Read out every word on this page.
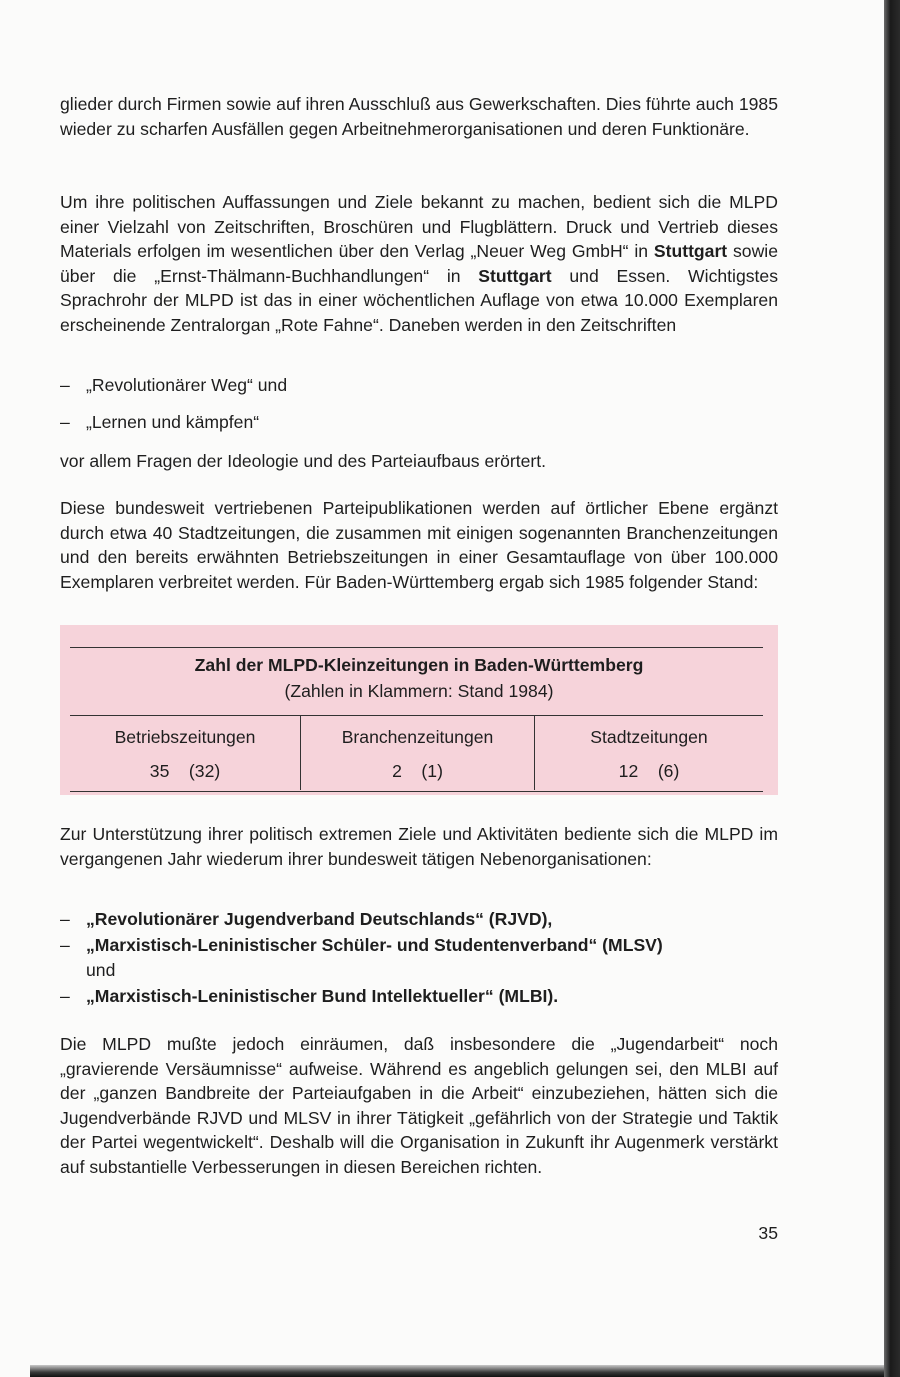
glieder durch Firmen sowie auf ihren Ausschluß aus Gewerkschaften. Dies führte auch 1985 wieder zu scharfen Ausfällen gegen Arbeitnehmerorganisationen und deren Funktionäre.

Um ihre politischen Auffassungen und Ziele bekannt zu machen, bedient sich die MLPD einer Vielzahl von Zeitschriften, Broschüren und Flugblättern. Druck und Vertrieb dieses Materials erfolgen im wesentlichen über den Verlag „Neuer Weg GmbH“ in Stuttgart sowie über die „Ernst-Thälmann-Buchhandlungen“ in Stuttgart und Essen. Wichtigstes Sprachrohr der MLPD ist das in einer wöchentlichen Auflage von etwa 10.000 Exemplaren erscheinende Zentralorgan „Rote Fahne“. Daneben werden in den Zeitschriften

– „Revolutionärer Weg“ und
– „Lernen und kämpfen“
vor allem Fragen der Ideologie und des Parteiaufbaus erörtert.

Diese bundesweit vertriebenen Parteipublikationen werden auf örtlicher Ebene ergänzt durch etwa 40 Stadtzeitungen, die zusammen mit einigen sogenannten Branchenzeitungen und den bereits erwähnten Betriebszeitungen in einer Gesamtauflage von über 100.000 Exemplaren verbreitet werden. Für Baden-Württemberg ergab sich 1985 folgender Stand:

Zahl der MLPD-Kleinzeitungen in Baden-Württemberg
(Zahlen in Klammern: Stand 1984)
Betriebszeitungen	Branchenzeitungen	Stadtzeitungen
35 (32)	2 (1)	12 (6)

Zur Unterstützung ihrer politisch extremen Ziele und Aktivitäten bediente sich die MLPD im vergangenen Jahr wiederum ihrer bundesweit tätigen Nebenorganisationen:

– „Revolutionärer Jugendverband Deutschlands“ (RJVD),
– „Marxistisch-Leninistischer Schüler- und Studentenverband“ (MLSV)
und
– „Marxistisch-Leninistischer Bund Intellektueller“ (MLBI).

Die MLPD mußte jedoch einräumen, daß insbesondere die „Jugendarbeit“ noch „gravierende Versäumnisse“ aufweise. Während es angeblich gelungen sei, den MLBI auf der „ganzen Bandbreite der Parteiaufgaben in die Arbeit“ einzubeziehen, hätten sich die Jugendverbände RJVD und MLSV in ihrer Tätigkeit „gefährlich von der Strategie und Taktik der Partei wegentwickelt“. Deshalb will die Organisation in Zukunft ihr Augenmerk verstärkt auf substantielle Verbesserungen in diesen Bereichen richten.

35
